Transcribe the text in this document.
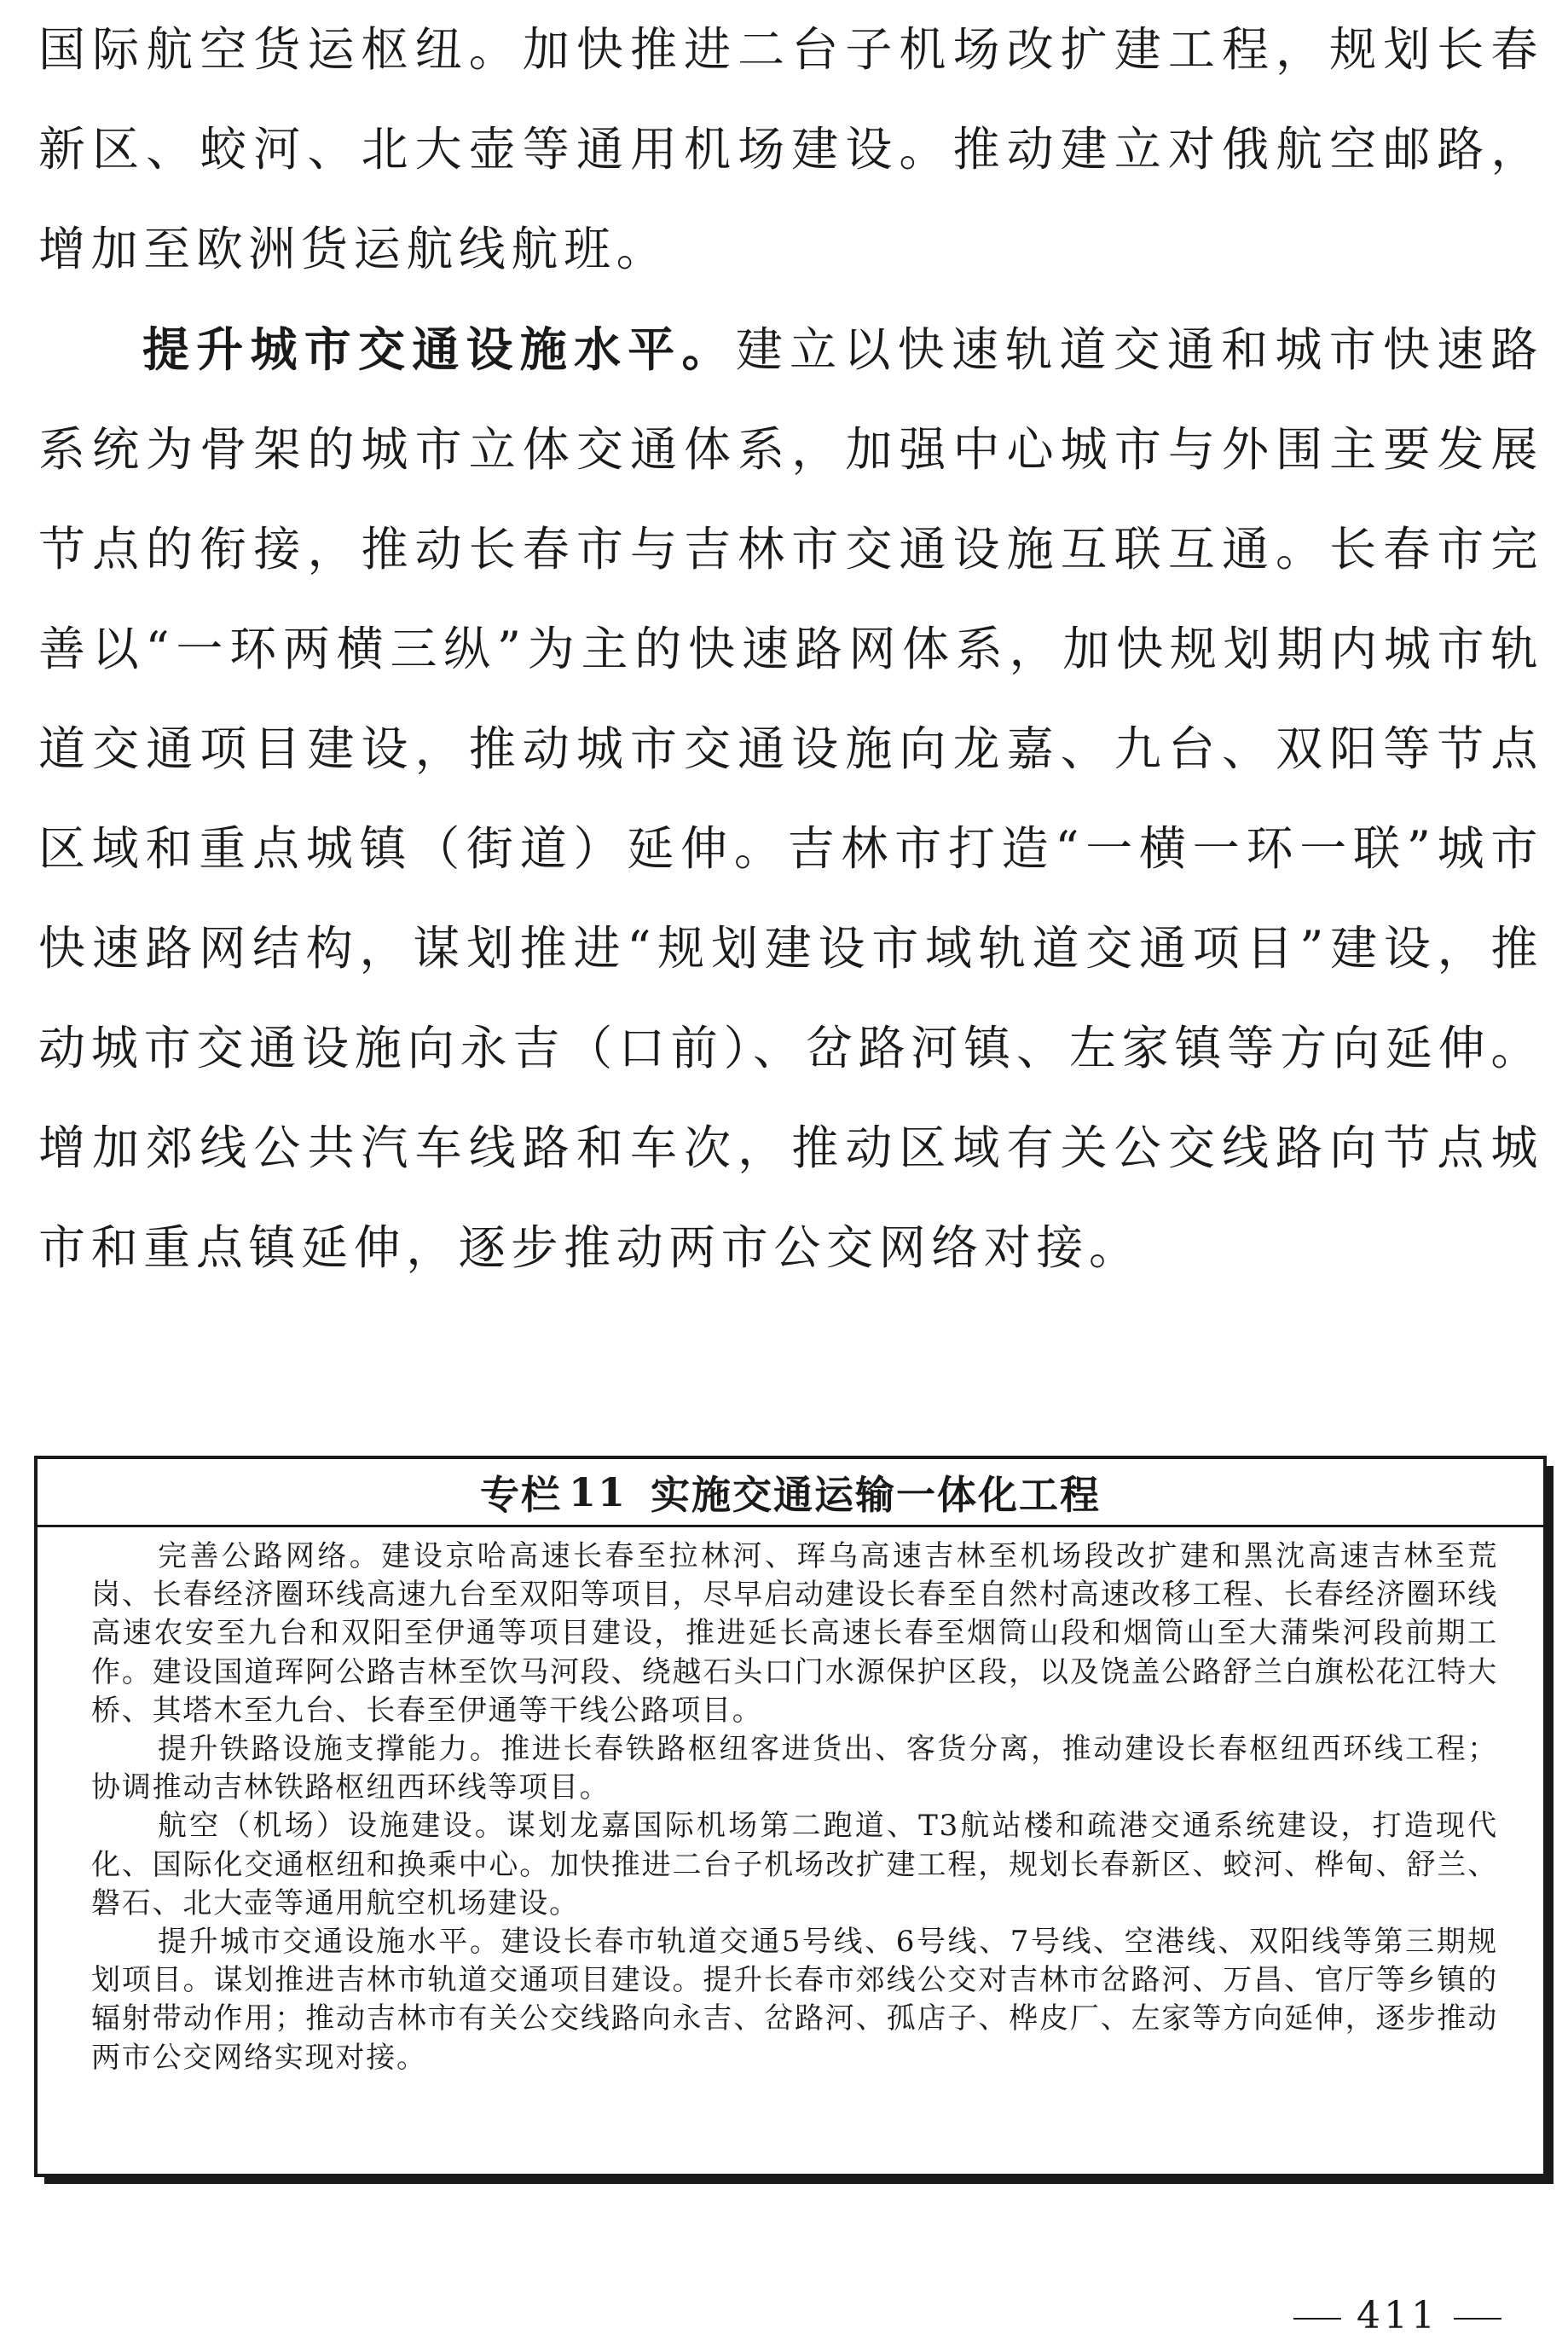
国际航空货运枢纽。加快推进二台子机场改扩建工程，规划长春新区、蛟河、北大壶等通用机场建设。推动建立对俄航空邮路，增加至欧洲货运航线航班。

提升城市交通设施水平。建立以快速轨道交通和城市快速路系统为骨架的城市立体交通体系，加强中心城市与外围主要发展节点的衔接，推动长春市与吉林市交通设施互联互通。长春市完善以“一环两横三纵”为主的快速路网体系，加快规划期内城市轨道交通项目建设，推动城市交通设施向龙嘉、九台、双阳等节点区域和重点城镇（街道）延伸。吉林市打造“一横一环一联”城市快速路网结构，谋划推进“规划建设市域轨道交通项目”建设，推动城市交通设施向永吉（口前）、岔路河镇、左家镇等方向延伸。增加郊线公共汽车线路和车次，推动区域有关公交线路向节点城市和重点镇延伸，逐步推动两市公交网络对接。

专栏 11 实施交通运输一体化工程

完善公路网络。建设京哈高速长春至拉林河、珲乌高速吉林至机场段改扩建和黑沈高速吉林至荒岗、长春经济圈环线高速九台至双阳等项目，尽早启动建设长春至自然村高速改移工程、长春经济圈环线高速农安至九台和双阳至伊通等项目建设，推进延长高速长春至烟筒山段和烟筒山至大蒲柴河段前期工作。建设国道珲阿公路吉林至饮马河段、绕越石头口门水源保护区段，以及饶盖公路舒兰白旗松花江特大桥、其塔木至九台、长春至伊通等干线公路项目。

提升铁路设施支撑能力。推进长春铁路枢纽客进货出、客货分离，推动建设长春枢纽西环线工程；协调推动吉林铁路枢纽西环线等项目。

航空（机场）设施建设。谋划龙嘉国际机场第二跑道、T3航站楼和疏港交通系统建设，打造现代化、国际化交通枢纽和换乘中心。加快推进二台子机场改扩建工程，规划长春新区、蛟河、桦甸、舒兰、磐石、北大壶等通用航空机场建设。

提升城市交通设施水平。建设长春市轨道交通5号线、6号线、7号线、空港线、双阳线等第三期规划项目。谋划推进吉林市轨道交通项目建设。提升长春市郊线公交对吉林市岔路河、万昌、官厅等乡镇的辐射带动作用；推动吉林市有关公交线路向永吉、岔路河、孤店子、桦皮厂、左家等方向延伸，逐步推动两市公交网络实现对接。

411
